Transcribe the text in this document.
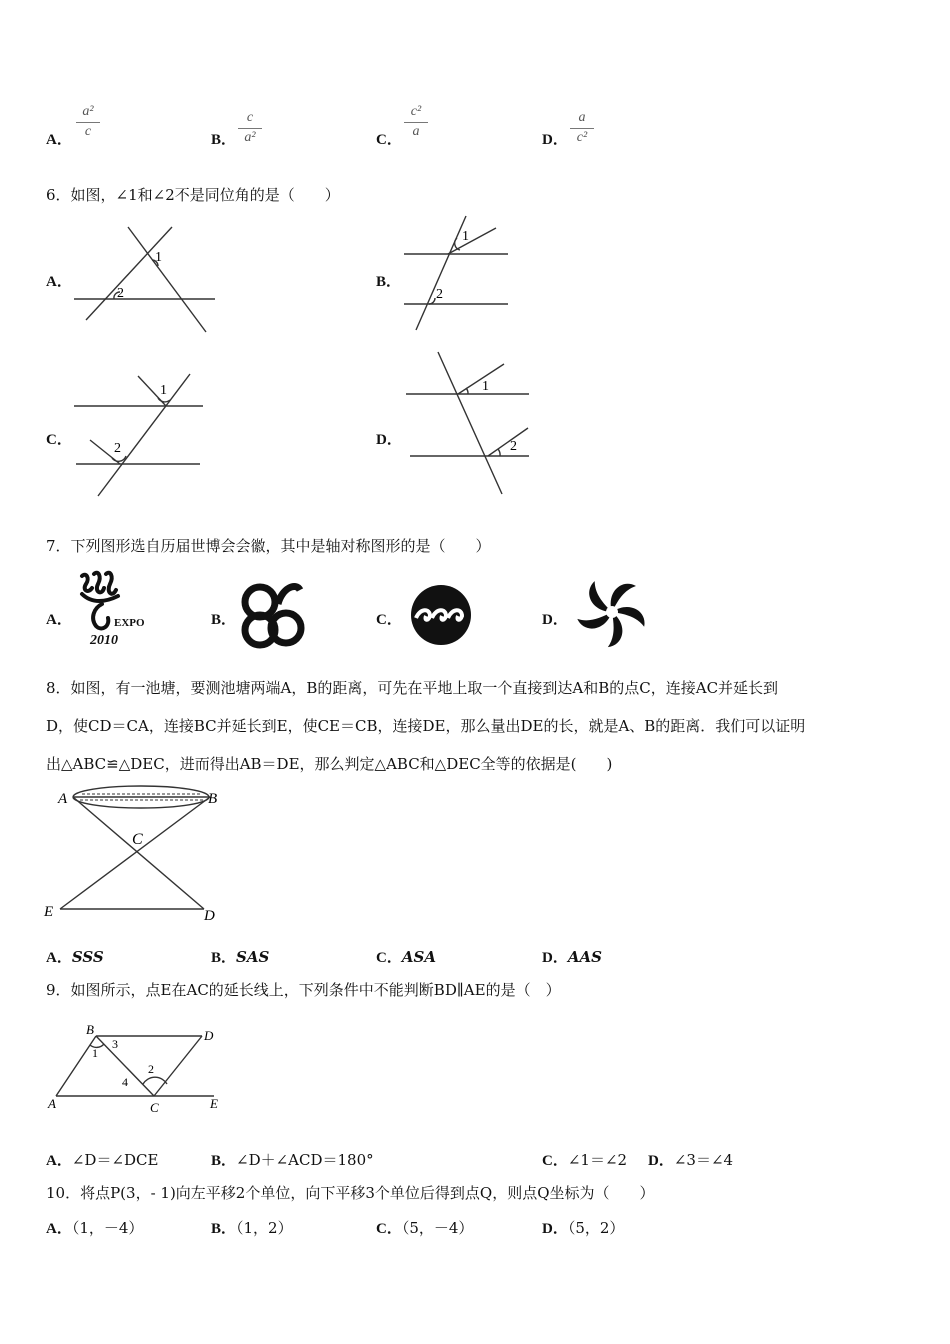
A．
a²
c
B．
c
a²	C．
c²
a
D．
a
c²
6．如图，∠1和∠2不是同位角的是（　　）
A．
1
2
B．
1
2
C．
1
2
D．
1
2
7．下列图形选自历届世博会会徽，其中是轴对称图形的是（　　）
A．	EXPO
2010
B．	C．	D．
8．如图，有一池塘，要测池塘两端A，B的距离，可先在平地上取一个直接到达A和B的点C，连接AC并延长到
D，使CD＝CA，连接BC并延长到E，使CE＝CB，连接DE，那么量出DE的长，就是A、B的距离．我们可以证明
出△ABC≌△DEC，进而得出AB＝DE，那么判定△ABC和△DEC全等的依据是(　　)
A	B
C
D
E
A．SSS	B．SAS	C．ASA	D．AAS
9．如图所示，点E在AC的延长线上，下列条件中不能判断BD∥AE的是（　）
B	D
A	C	E
1
3
2
4
A．∠D＝∠DCE	B．∠D＋∠ACD＝180°	C．∠1＝∠2 D．∠3＝∠4
10．将点P(3，- 1)向左平移2个单位，向下平移3个单位后得到点Q，则点Q坐标为（　　）
A．（1，－4）	B．（1，2）	C．（5，－4）	D．（5，2）
